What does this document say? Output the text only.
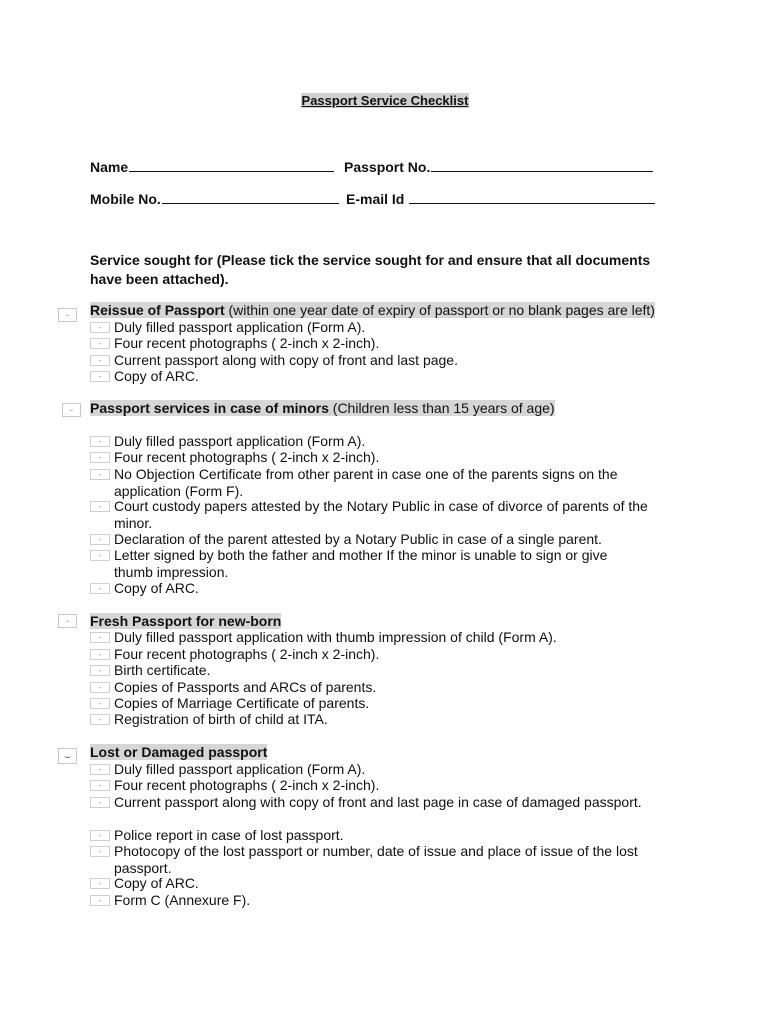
Passport Service Checklist
Name	Passport No.
Mobile No.	E-mail Id
Service sought for (Please tick the service sought for and ensure that all documents have been attached).
-	Reissue of Passport (within one year date of expiry of passport or no blank pages are left)
- Duly filled passport application (Form A).
- Four recent photographs ( 2-inch x 2-inch).
- Current passport along with copy of front and last page.
- Copy of ARC.
-	Passport services in case of minors (Children less than 15 years of age)
- Duly filled passport application (Form A).
- Four recent photographs ( 2-inch x 2-inch).
- No Objection Certificate from other parent in case one of the parents signs on the application (Form F).
- Court custody papers attested by the Notary Public in case of divorce of parents of the minor.
- Declaration of the parent attested by a Notary Public in case of a single parent.
- Letter signed by both the father and mother If the minor is unable to sign or give thumb impression.
- Copy of ARC.
-	Fresh Passport for new-born
- Duly filled passport application with thumb impression of child (Form A).
- Four recent photographs ( 2-inch x 2-inch).
- Birth certificate.
- Copies of Passports and ARCs of parents.
- Copies of Marriage Certificate of parents.
- Registration of birth of child at ITA.
⌣	Lost or Damaged passport
- Duly filled passport application (Form A).
- Four recent photographs ( 2-inch x 2-inch).
- Current passport along with copy of front and last page in case of damaged passport.
- Police report in case of lost passport.
- Photocopy of the lost passport or number, date of issue and place of issue of the lost passport.
- Copy of ARC.
- Form C (Annexure F).
